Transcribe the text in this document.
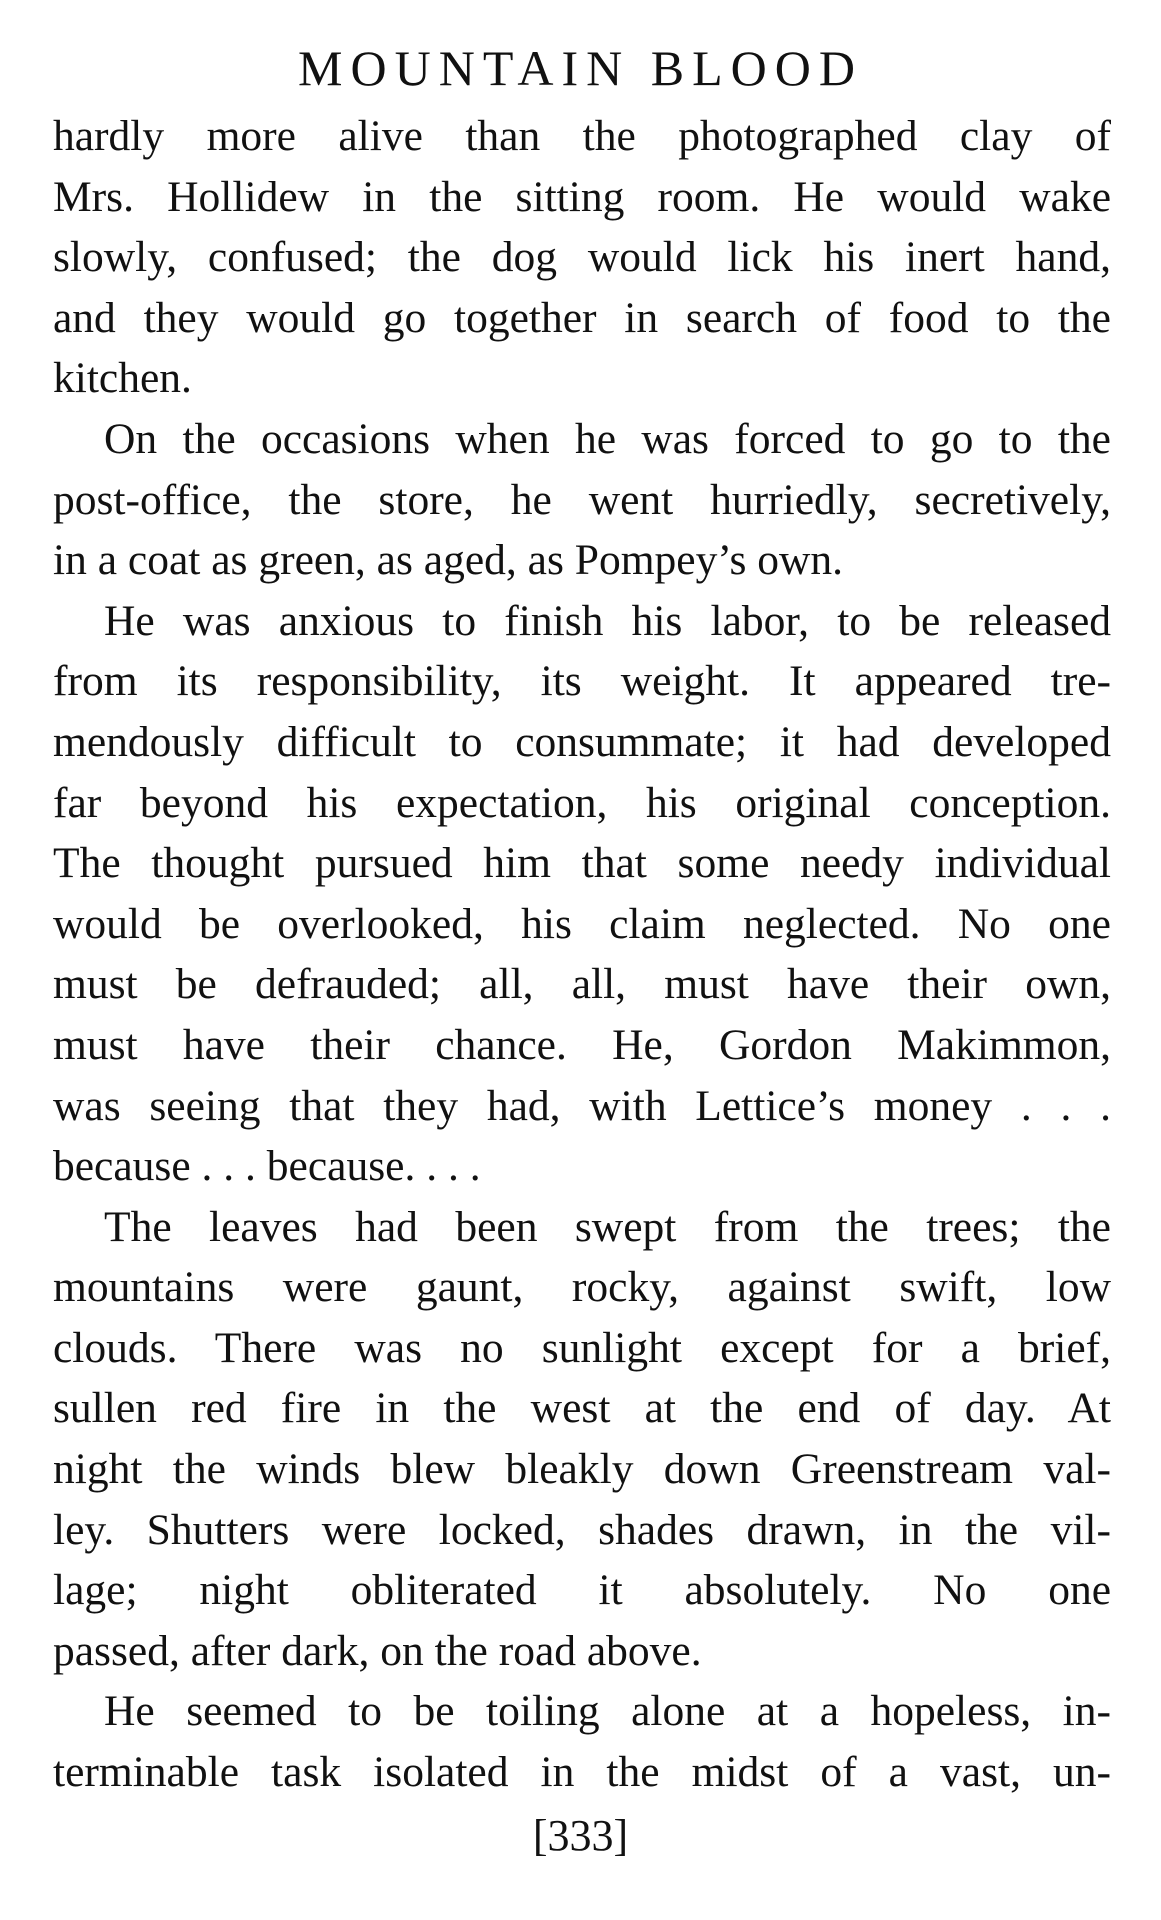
MOUNTAIN BLOOD

hardly more alive than the photographed clay of
Mrs. Hollidew in the sitting room. He would wake
slowly, confused; the dog would lick his inert hand,
and they would go together in search of food to the
kitchen.

On the occasions when he was forced to go to the
post-office, the store, he went hurriedly, secretively,
in a coat as green, as aged, as Pompey’s own.

He was anxious to finish his labor, to be released
from its responsibility, its weight. It appeared tre-
mendously difficult to consummate; it had developed
far beyond his expectation, his original conception.
The thought pursued him that some needy individual
would be overlooked, his claim neglected. No one
must be defrauded; all, all, must have their own,
must have their chance. He, Gordon Makimmon,
was seeing that they had, with Lettice’s money . . .
because . . . because. . . .

The leaves had been swept from the trees; the
mountains were gaunt, rocky, against swift, low
clouds. There was no sunlight except for a brief,
sullen red fire in the west at the end of day. At
night the winds blew bleakly down Greenstream val-
ley. Shutters were locked, shades drawn, in the vil-
lage; night obliterated it absolutely. No one
passed, after dark, on the road above.

He seemed to be toiling alone at a hopeless, in-
terminable task isolated in the midst of a vast, un-

[333]
